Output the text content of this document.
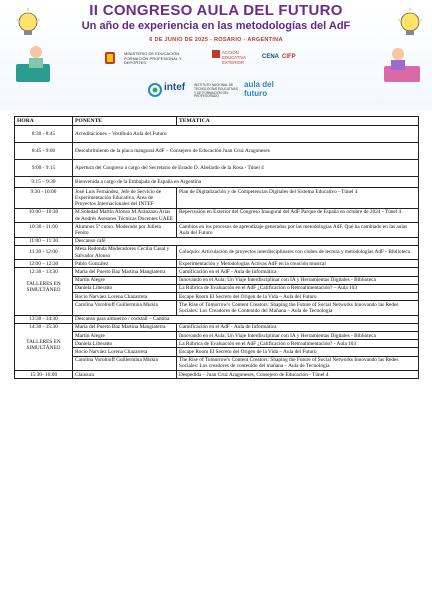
II CONGRESO AULA DEL FUTURO
Un año de experiencia en las metodologías del AdF
6 DE JUNIO DE 2025 - ROSARIO - ARGENTINA
MINISTERIO DE EDUCACIÓN, FORMACIÓN PROFESIONAL Y DEPORTES
ACCIÓN EDUCATIVA EXTERIOR
CENA CIFP
intef	INSTITUTO NACIONAL DE TECNOLOGÍAS EDUCATIVAS Y DE FORMACIÓN DEL PROFESORADO
aula del
futuro
HORA	PONENTE	TEMÁTICA
8:30 - 8:45	Acreditaciones – Vestíbulo Aula del Futuro	
8:45 - 9:00	Descubrimiento de la placa inaugural AdF – Consejero de Educación Juan Cruz Aragoneses	
9:00 - 9:15	Apertura del Congreso a cargo del Secretario de Estado D. Abelardo de la Rosa - Túnel 4	
9:15 – 9:30	Bienvenida a cargo de la Embajada de España en Argentina	
9:30 - 10:00	José Luis Fernández, Jefe de Servicio de Experimentación Educativa, Área de Proyectos Internacionales del INTEF	Plan de Digitalización y de Competencias Digitales del Sistema Educativo - Túnel 4
10:00 – 10:30	M.Soledad Martín Alonso M.Aránzazu Arias de Andrés Asesores Técnicas Docentes UAEE	Repercusión en Exterior del Congreso Inaugural del AdF Parque de España en octubre de 2024 - Túnel 4
10:30 - 11:00	Alumnos 5º curso. Moderado por Julieta Fenito	Cambios en los procesos de aprendizaje generados por las metodologías AdF. Qué ha cambiado en las aulas Aula del Futuro
11:00 – 11:30	Descanso café	
11:30 - 12:00	Mesa Redonda Moderadores Cecilia Casal y Salvador Alonso	Coloquio: Articulación de proyectos interdisciplinares con clubes de lectura y metodologías AdF - Biblioteca
12:00 – 12:30	Pablo González	Experimentación y Metodologías Activas AdF en la creación musical

12:30 - 13:30
TALLERES EN SIMULTÁNEO	María del Puerto Baz Martina Mangiaterra	Gamificación en el AdF - Aula de Informática
	Martín Alegre	Innovando en el Aula: Un Viaje Interdisciplinar con IA y Herramientas Digitales - Biblioteca
	Daniela Liberatto	La Rúbrica de Evaluación en el AdF ¿Calificación o Retroalimentación? – Aula 103
	Rocío Narváez Lorena Chazarreta	Escape Room El Secreto del Origen de la Vida – Aula del Futuro
	Carolina Vorobioff Guillermina Miskin	The Rise of Tomorrow's Content Creators: Shaping the Future of Social Networks Innovando las Redes Sociales: Los Creadores de Contenido del Mañana – Aula de Tecnología
13:30 - 14:30	Descanso para almuerzo / cocktail – Cantina	

14:30 - 15:30
TALLERES EN SIMULTÁNEO	María del Puerto Baz Martina Mangiaterra	Gamificación en el AdF - Aula de Informática
	Martín Alegre	Innovando en el Aula: Un Viaje Interdisciplinar con IA y Herramientas Digitales - Biblioteca
	Daniela Liberatto	La Rúbrica de Evaluación en el AdF ¿Calificación o Retroalimentación? - Aula 103
	Rocío Narváez Lorena Chazarreta	Escape Room El Secreto del Origen de la Vida – Aula del Futuro
	Carolina Vorobioff Guillermina Miskin	The Rise of Tomorrow's Content Creators: Shaping the Future of Social Networks Innovando las Redes Sociales: Los creadores de contenido del mañana – Aula de Tecnología
15:30- 16:00	Clausura	Despedida – Juan Cruz Aragoneses, Consejero de Educación - Túnel 4
